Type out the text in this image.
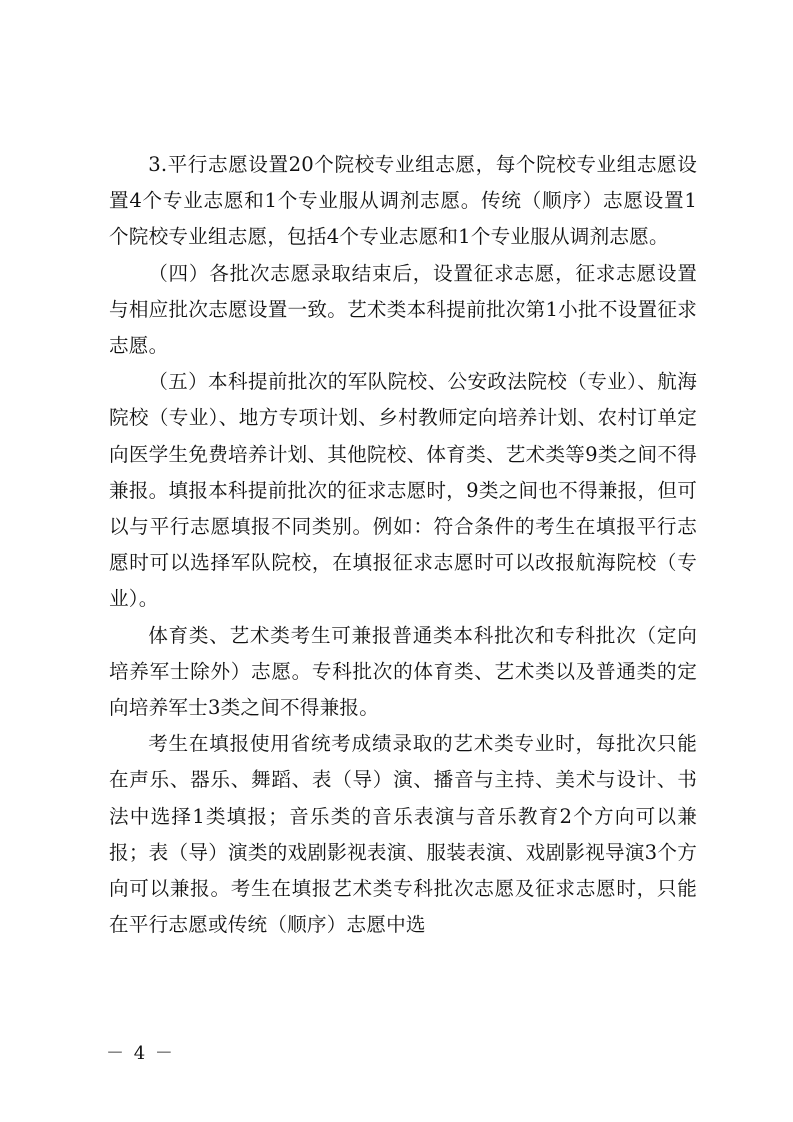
3.平行志愿设置20个院校专业组志愿，每个院校专业组志愿设置4个专业志愿和1个专业服从调剂志愿。传统（顺序）志愿设置1个院校专业组志愿，包括4个专业志愿和1个专业服从调剂志愿。

（四）各批次志愿录取结束后，设置征求志愿，征求志愿设置与相应批次志愿设置一致。艺术类本科提前批次第1小批不设置征求志愿。

（五）本科提前批次的军队院校、公安政法院校（专业）、航海院校（专业）、地方专项计划、乡村教师定向培养计划、农村订单定向医学生免费培养计划、其他院校、体育类、艺术类等9类之间不得兼报。填报本科提前批次的征求志愿时，9类之间也不得兼报，但可以与平行志愿填报不同类别。例如：符合条件的考生在填报平行志愿时可以选择军队院校，在填报征求志愿时可以改报航海院校（专业）。

体育类、艺术类考生可兼报普通类本科批次和专科批次（定向培养军士除外）志愿。专科批次的体育类、艺术类以及普通类的定向培养军士3类之间不得兼报。

考生在填报使用省统考成绩录取的艺术类专业时，每批次只能在声乐、器乐、舞蹈、表（导）演、播音与主持、美术与设计、书法中选择1类填报；音乐类的音乐表演与音乐教育2个方向可以兼报；表（导）演类的戏剧影视表演、服装表演、戏剧影视导演3个方向可以兼报。考生在填报艺术类专科批次志愿及征求志愿时，只能在平行志愿或传统（顺序）志愿中选

－ 4 －
